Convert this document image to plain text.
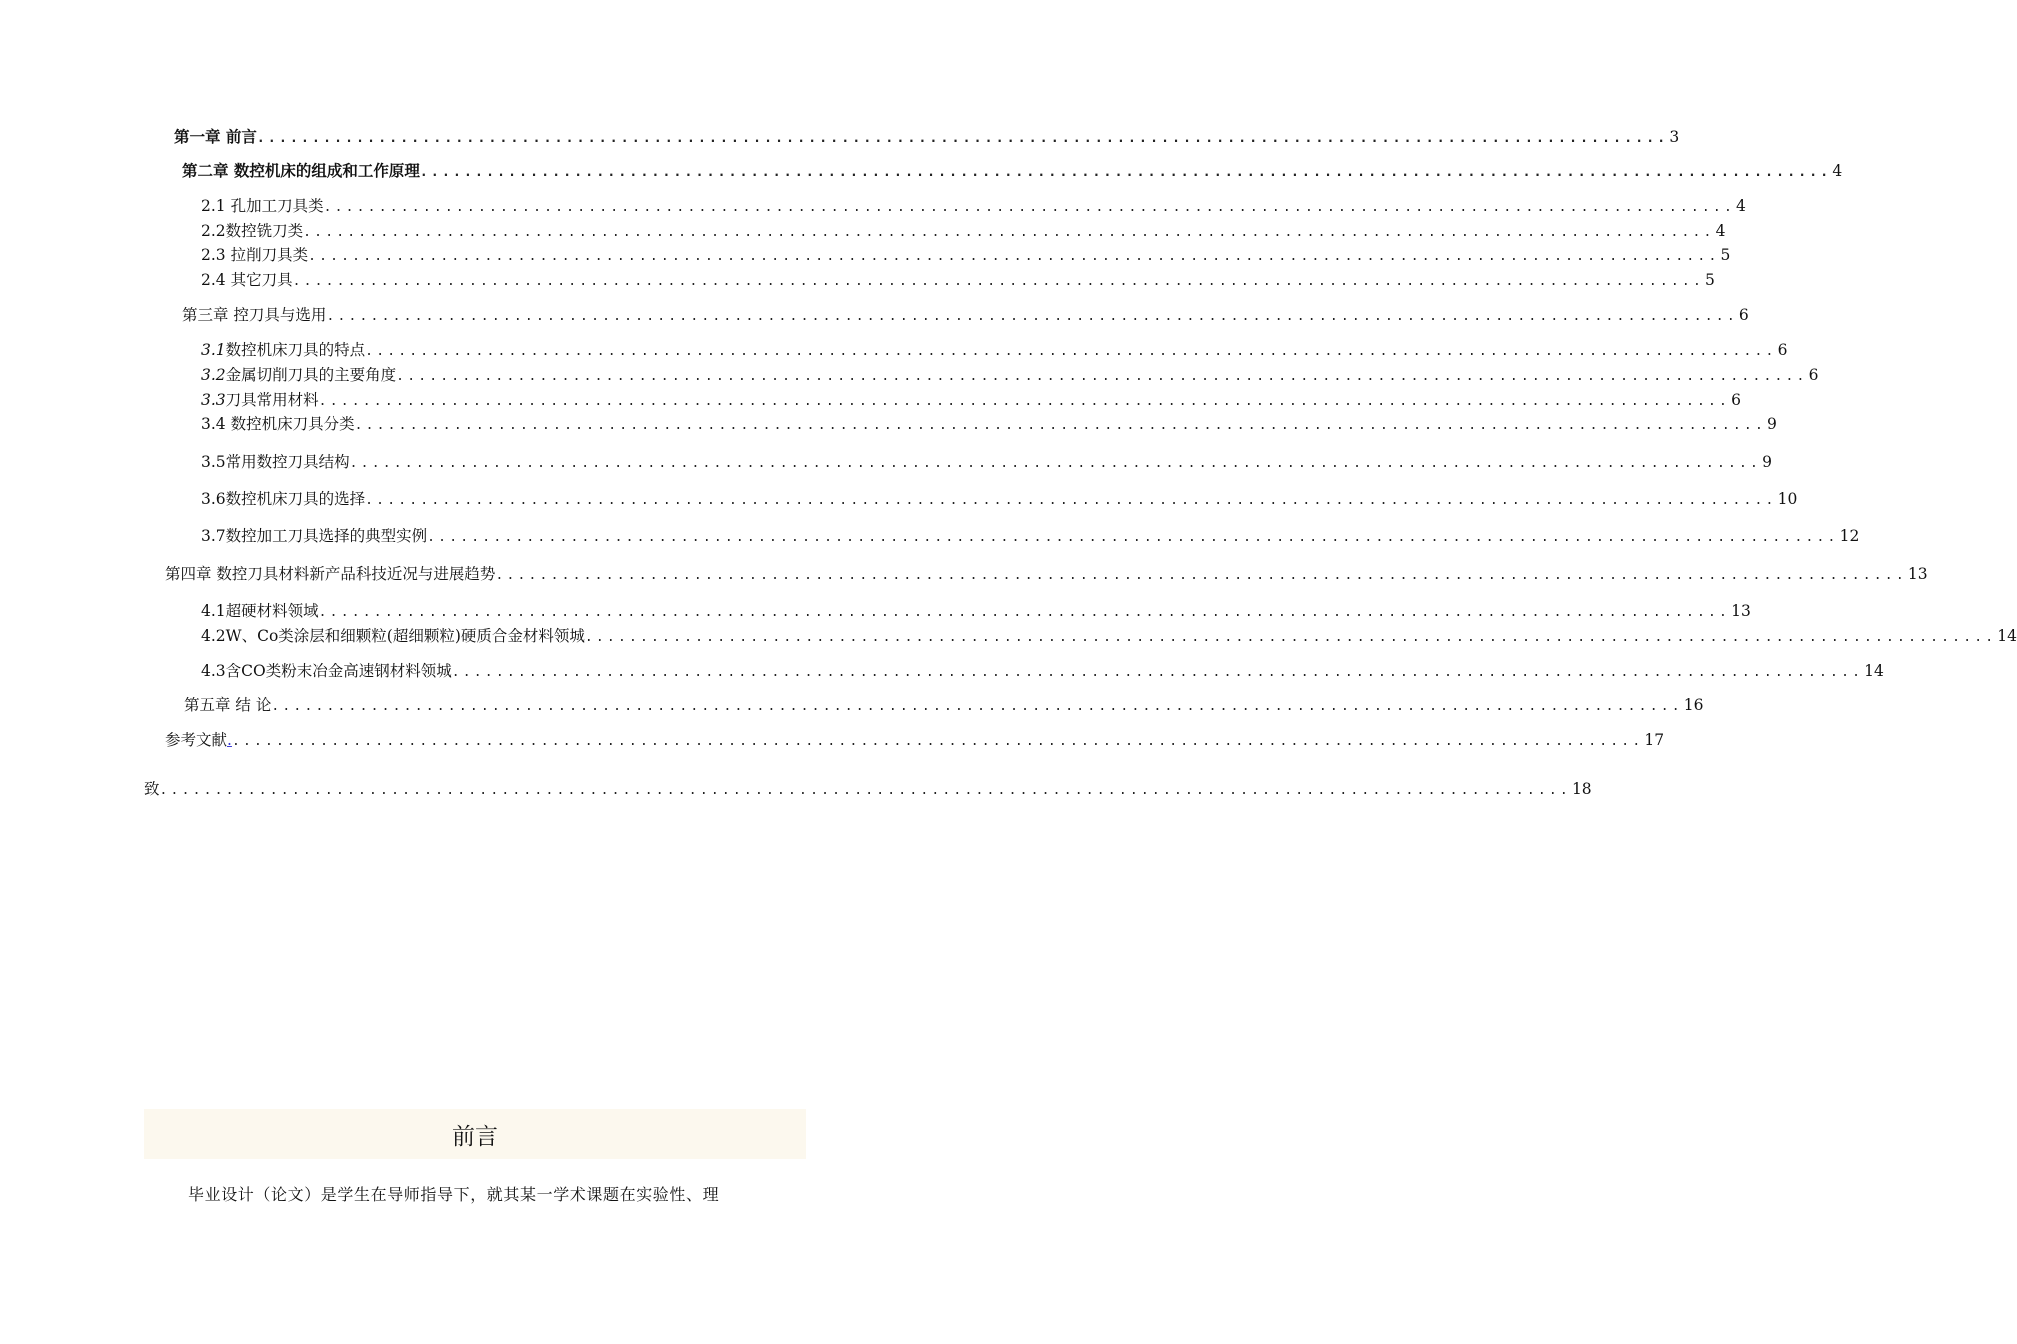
第一章 前言 ................................................................................................................................ 3
第二章 数控机床的组成和工作原理 ................................................................................................................................ 4
2.1 孔加工刀具类 ................................................................................................................................ 4
2.2数控铣刀类 ................................................................................................................................ 4
2.3 拉削刀具类 ................................................................................................................................ 5
2.4 其它刀具 ................................................................................................................................ 5
第三章 控刀具与选用 ................................................................................................................................ 6
3.1 数控机床刀具的特点 ................................................................................................................................ 6
3.2 金属切削刀具的主要角度 ................................................................................................................................ 6
3.3 刀具常用材料 ................................................................................................................................ 6
3.4 数控机床刀具分类 ................................................................................................................................ 9
3.5常用数控刀具结构 ................................................................................................................................ 9
3.6数控机床刀具的选择 ................................................................................................................................ 10
3.7数控加工刀具选择的典型实例 ................................................................................................................................ 12
第四章 数控刀具材料新产品科技近况与进展趋势 ................................................................................................................................ 13
4.1超硬材料领域 ................................................................................................................................ 13
4.2W、Co类涂层和细颗粒(超细颗粒)硬质合金材料领城 ................................................................................................................................ 14
4.3含CO类粉末冶金高速钢材料领城 ................................................................................................................................ 14
第五章 结 论 ................................................................................................................................ 16
参考文献 ​. ................................................................................................................................ 17
致 ................................................................................................................................ 18
前言
毕业设计（论文）是学生在导师指导下，就其某一学术课题在实验性、理
